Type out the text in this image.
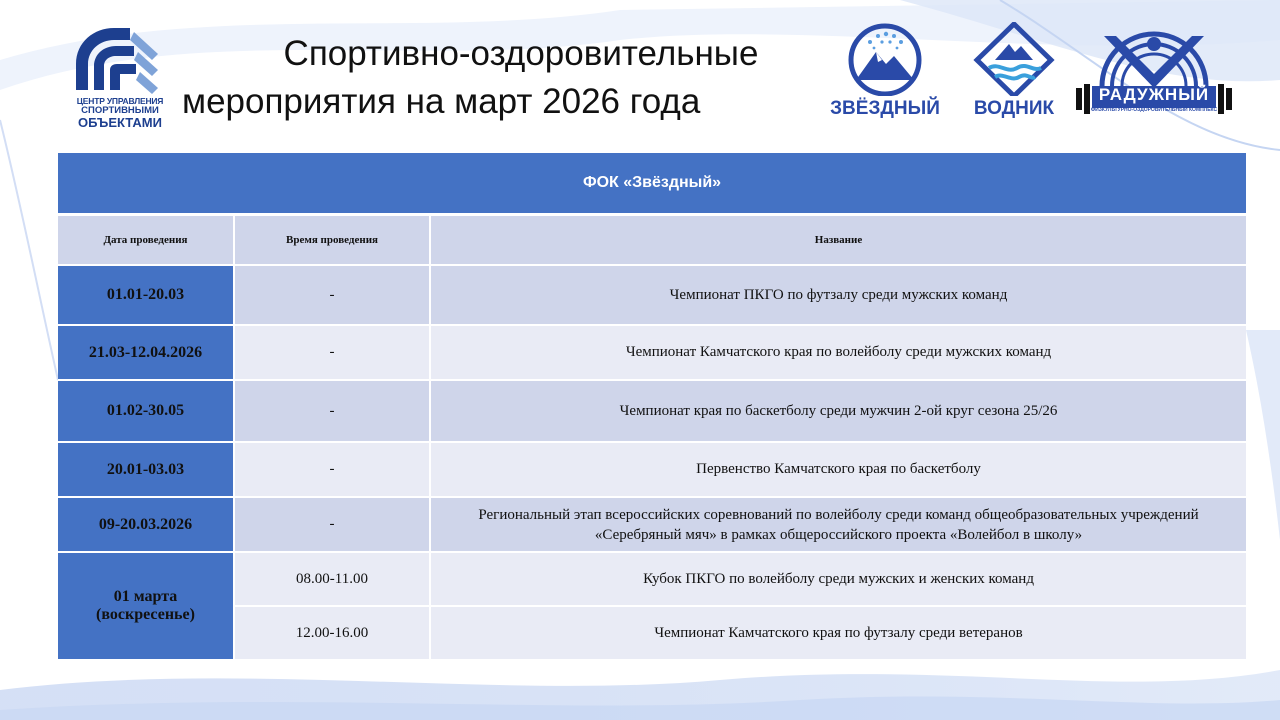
ЦЕНТР УПРАВЛЕНИЯ
СПОРТИВНЫМИ
ОБЪЕКТАМИ
Спортивно-оздоровительные
мероприятия на март 2026 года	ЗВЁЗДНЫЙ	ВОДНИК
РАДУЖНЫЙ
ФИЗКУЛЬТУРНО-ОЗДОРОВИТЕЛЬНЫЙ КОМПЛЕКС
ФОК «Звёздный»		
Дата проведения	Время проведения	Название
01.01-20.03	-	Чемпионат ПКГО по футзалу среди мужских команд
21.03-12.04.2026	-	Чемпионат Камчатского края по волейболу среди мужских команд
01.02-30.05	-	Чемпионат края по баскетболу среди мужчин 2-ой круг сезона 25/26
20.01-03.03	-	Первенство Камчатского края по баскетболу
09-20.03.2026	-	Региональный этап всероссийских соревнований по волейболу среди команд общеобразовательных учреждений «Серебряный мяч» в рамках общероссийского проекта «Волейбол в школу»

01 марта
(воскресенье)	08.00-11.00	Кубок ПКГО по волейболу среди мужских и женских команд
	12.00-16.00	Чемпионат Камчатского края по футзалу среди ветеранов
